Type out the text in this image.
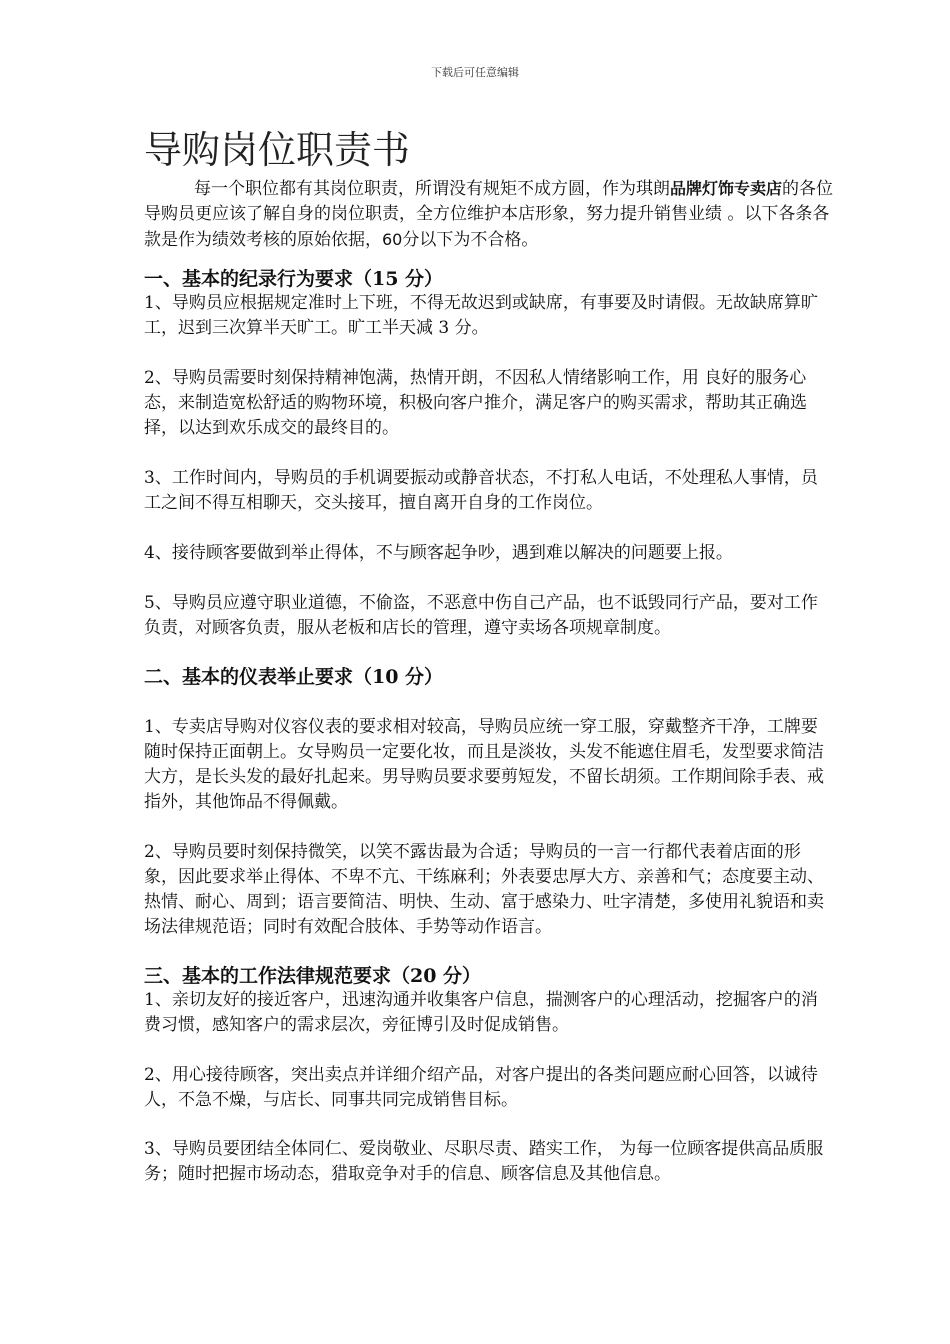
下载后可任意编辑
导购岗位职责书

每一个职位都有其岗位职责，所谓没有规矩不成方圆，作为琪朗品牌灯饰专卖店的各位导购员更应该了解自身的岗位职责，全方位维护本店形象，努力提升销售业绩 。以下各条各款是作为绩效考核的原始依据，60分以下为不合格。

一、基本的纪录行为要求（15 分）

1、导购员应根据规定准时上下班，不得无故迟到或缺席，有事要及时请假。无故缺席算旷工，迟到三次算半天旷工。旷工半天减 3 分。

2、导购员需要时刻保持精神饱满，热情开朗，不因私人情绪影响工作，用 良好的服务心态，来制造宽松舒适的购物环境，积极向客户推介，满足客户的购买需求，帮助其正确选择，以达到欢乐成交的最终目的。

3、工作时间内，导购员的手机调要振动或静音状态，不打私人电话，不处理私人事情，员工之间不得互相聊天，交头接耳，擅自离开自身的工作岗位。

4、接待顾客要做到举止得体，不与顾客起争吵，遇到难以解决的问题要上报。

5、导购员应遵守职业道德，不偷盗，不恶意中伤自己产品，也不诋毁同行产品，要对工作负责，对顾客负责，服从老板和店长的管理，遵守卖场各项规章制度。

二、基本的仪表举止要求（10 分）

1、专卖店导购对仪容仪表的要求相对较高，导购员应统一穿工服，穿戴整齐干净，工牌要随时保持正面朝上。女导购员一定要化妆，而且是淡妆，头发不能遮住眉毛，发型要求简洁大方，是长头发的最好扎起来。男导购员要求要剪短发，不留长胡须。工作期间除手表、戒指外，其他饰品不得佩戴。

2、导购员要时刻保持微笑，以笑不露齿最为合适；导购员的一言一行都代表着店面的形象，因此要求举止得体、不卑不亢、干练麻利；外表要忠厚大方、亲善和气；态度要主动、热情、耐心、周到；语言要简洁、明快、生动、富于感染力、吐字清楚，多使用礼貌语和卖场法律规范语；同时有效配合肢体、手势等动作语言。

三、基本的工作法律规范要求（20 分）

1、亲切友好的接近客户，迅速沟通并收集客户信息，揣测客户的心理活动，挖掘客户的消费习惯，感知客户的需求层次，旁征博引及时促成销售。

2、用心接待顾客，突出卖点并详细介绍产品，对客户提出的各类问题应耐心回答，以诚待人，不急不燥，与店长、同事共同完成销售目标。

3、导购员要团结全体同仁、爱岗敬业、尽职尽责、踏实工作， 为每一位顾客提供高品质服务；随时把握市场动态，猎取竞争对手的信息、顾客信息及其他信息。
